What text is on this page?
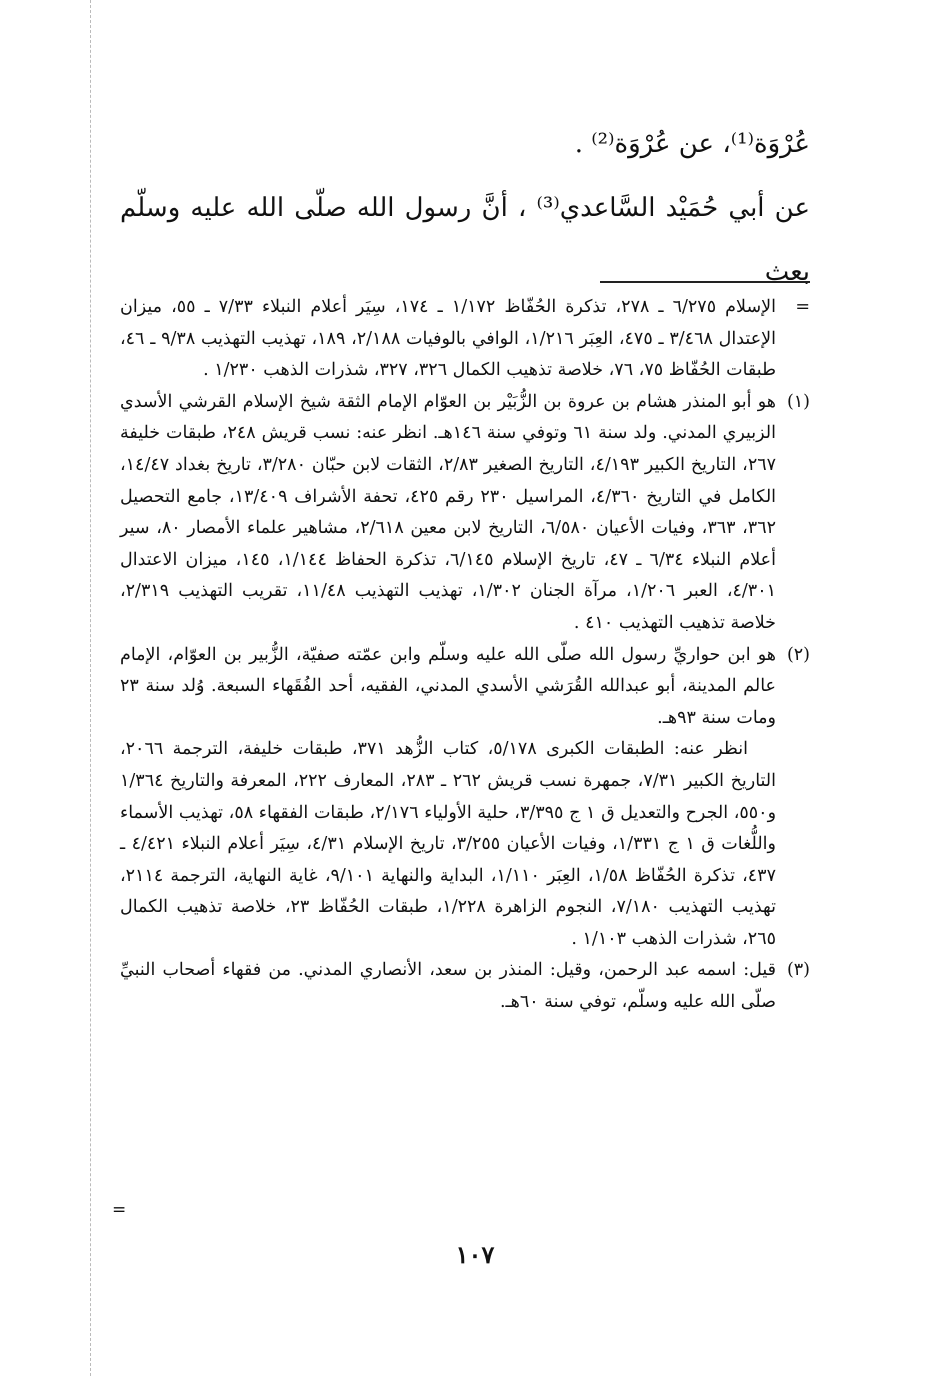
عُرْوَة⁽¹⁾، عن عُرْوَة⁽²⁾ .

عن أبي حُمَيْد السَّاعدي⁽³⁾ ، أنَّ رسول الله صلّى الله عليه وسلّم بعث

=

الإسلام ٦/٢٧٥ ـ ٢٧٨، تذكرة الحُفّاظ ١/١٧٢ ـ ١٧٤، سِيَر أعلام النبلاء ٧/٣٣ ـ ٥٥، ميزان الإعتدال ٣/٤٦٨ ـ ٤٧٥، العِبَر ١/٢١٦، الوافي بالوفيات ٢/١٨٨، ١٨٩، تهذيب التهذيب ٩/٣٨ ـ ٤٦، طبقات الحُفّاظ ٧٥، ٧٦، خلاصة تذهيب الكمال ٣٢٦، ٣٢٧، شذرات الذهب ١/٢٣٠ .

(١)

هو أبو المنذر هشام بن عروة بن الزُّبَيْر بن العوّام الإمام الثقة شيخ الإسلام القرشي الأسدي الزبيري المدني. ولد سنة ٦١ وتوفي سنة ١٤٦هـ. انظر عنه: نسب قريش ٢٤٨، طبقات خليفة ٢٦٧، التاريخ الكبير ٤/١٩٣، التاريخ الصغير ٢/٨٣، الثقات لابن حبّان ٣/٢٨٠، تاريخ بغداد ١٤/٤٧، الكامل في التاريخ ٤/٣٦٠، المراسيل ٢٣٠ رقم ٤٢٥، تحفة الأشراف ١٣/٤٠٩، جامع التحصيل ٣٦٢، ٣٦٣، وفيات الأعيان ٦/٥٨٠، التاريخ لابن معين ٢/٦١٨، مشاهير علماء الأمصار ٨٠، سير أعلام النبلاء ٦/٣٤ ـ ٤٧، تاريخ الإسلام ٦/١٤٥، تذكرة الحفاظ ١/١٤٤، ١٤٥، ميزان الاعتدال ٤/٣٠١، العبر ١/٢٠٦، مرآة الجنان ١/٣٠٢، تهذيب التهذيب ١١/٤٨، تقريب التهذيب ٢/٣١٩، خلاصة تذهيب التهذيب ٤١٠ .

(٢)

هو ابن حواريِّ رسول الله صلّى الله عليه وسلّم وابن عمّته صفيّة، الزُّبير بن العوّام، الإمام عالم المدينة، أبو عبدالله القُرَشي الأسدي المدني، الفقيه، أحد الفُقَهاء السبعة. وُلد سنة ٢٣ ومات سنة ٩٣هـ.

انظر عنه: الطبقات الكبرى ٥/١٧٨، كتاب الزُّهد ٣٧١، طبقات خليفة، الترجمة ٢٠٦٦، التاريخ الكبير ٧/٣١، جمهرة نسب قريش ٢٦٢ ـ ٢٨٣، المعارف ٢٢٢، المعرفة والتاريخ ١/٣٦٤ و٥٥٠، الجرح والتعديل ق ١ ج ٣/٣٩٥، حلية الأولياء ٢/١٧٦، طبقات الفقهاء ٥٨، تهذيب الأسماء واللُّغات ق ١ ج ١/٣٣١، وفيات الأعيان ٣/٢٥٥، تاريخ الإسلام ٤/٣١، سِيَر أعلام النبلاء ٤/٤٢١ ـ ٤٣٧، تذكرة الحُفّاظ ١/٥٨، العِبَر ١/١١٠، البداية والنهاية ٩/١٠١، غاية النهاية، الترجمة ٢١١٤، تهذيب التهذيب ٧/١٨٠، النجوم الزاهرة ١/٢٢٨، طبقات الحُفّاظ ٢٣، خلاصة تذهيب الكمال ٢٦٥، شذرات الذهب ١/١٠٣ .

(٣)

قيل: اسمه عبد الرحمن، وقيل: المنذر بن سعد، الأنصاري المدني. من فقهاء أصحاب النبيِّ صلّى الله عليه وسلّم، توفي سنة ٦٠هـ.

=
١٠٧
